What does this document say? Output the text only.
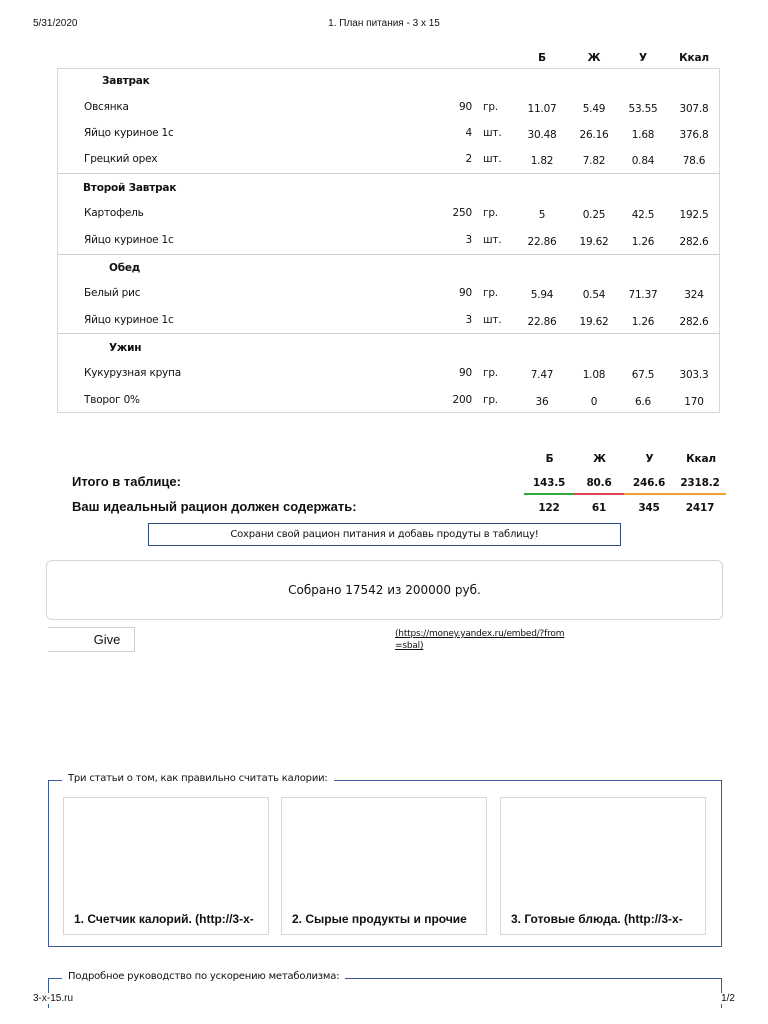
5/31/2020	1. План питания - 3 x 15
Б	Ж	У	Ккал
Завтрак
Овсянка	90 гр.	11.07	5.49	53.55	307.8
Яйцо куриное 1с	4 шт.	30.48	26.16	1.68	376.8
Грецкий орех	2 шт.	1.82	7.82	0.84	78.6
Второй Завтрак
Картофель	250 гр.	5	0.25	42.5	192.5
Яйцо куриное 1с	3 шт.	22.86	19.62	1.26	282.6
Обед
Белый рис	90 гр.	5.94	0.54	71.37	324
Яйцо куриное 1с	3 шт.	22.86	19.62	1.26	282.6
Ужин
Кукурузная крупа	90 гр.	7.47	1.08	67.5	303.3
Творог 0%	200 гр.	36	0	6.6	170
Б	Ж	У	Ккал
Итого в таблице:	143.5	80.6	246.6	2318.2
Ваш идеальный рацион должен содержать:	122	61	345	2417
Сохрани свой рацион питания и добавь продуты в таблицу!
Собрано 17542 из 200000 руб.
Give	(https://money.yandex.ru/embed/?from=sbal)
Три статьи о том, как правильно считать калории:
1. Счетчик калорий. (http://3-x-	2. Сырые продукты и прочие	3. Готовые блюда. (http://3-x-
Подробное руководство по ускорению метаболизма:
3-x-15.ru	1/2
